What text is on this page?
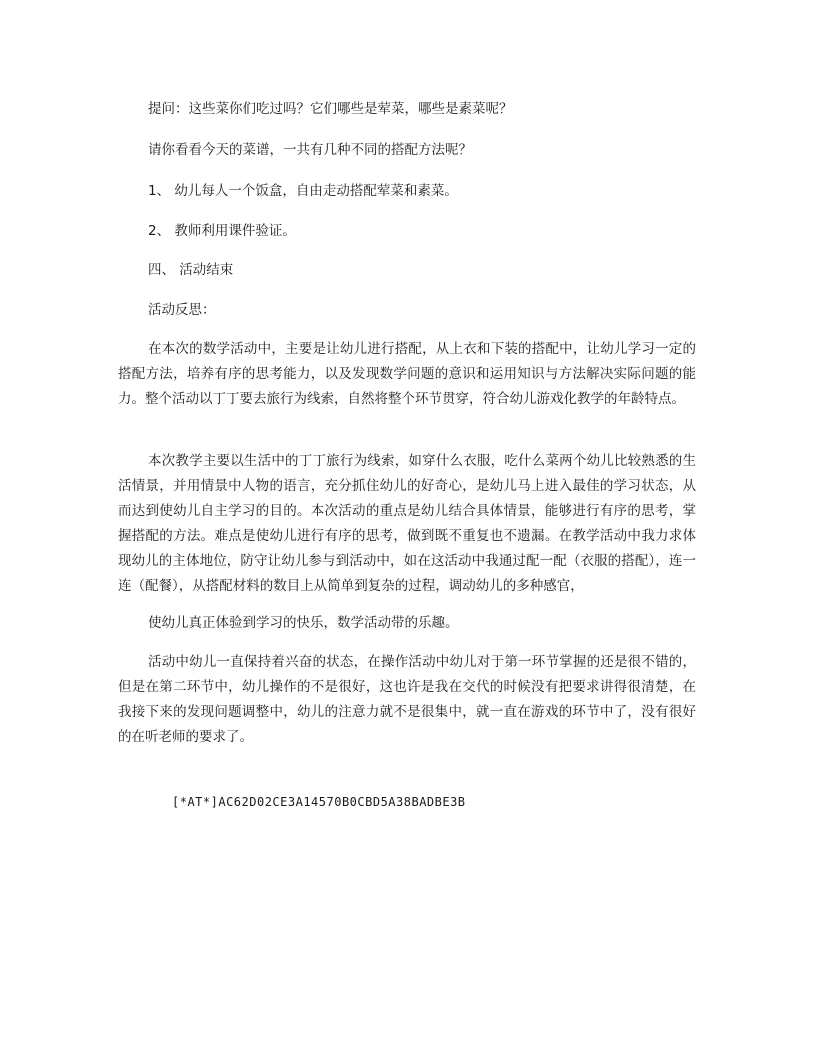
提问：这些菜你们吃过吗？它们哪些是荤菜，哪些是素菜呢？
请你看看今天的菜谱，一共有几种不同的搭配方法呢？
1、 幼儿每人一个饭盒，自由走动搭配荤菜和素菜。
2、 教师利用课件验证。
四、 活动结束
活动反思：
在本次的数学活动中，主要是让幼儿进行搭配，从上衣和下装的搭配中，让幼儿学习一定的搭配方法，培养有序的思考能力，以及发现数学问题的意识和运用知识与方法解决实际问题的能力。整个活动以丁丁要去旅行为线索，自然将整个环节贯穿，符合幼儿游戏化教学的年龄特点。
本次教学主要以生活中的丁丁旅行为线索，如穿什么衣服，吃什么菜两个幼儿比较熟悉的生活情景，并用情景中人物的语言，充分抓住幼儿的好奇心，是幼儿马上进入最佳的学习状态，从而达到使幼儿自主学习的目的。本次活动的重点是幼儿结合具体情景，能够进行有序的思考，掌握搭配的方法。难点是使幼儿进行有序的思考，做到既不重复也不遗漏。在教学活动中我力求体现幼儿的主体地位，防守让幼儿参与到活动中，如在这活动中我通过配一配（衣服的搭配），连一连（配餐），从搭配材料的数目上从简单到复杂的过程，调动幼儿的多种感官，
使幼儿真正体验到学习的快乐，数学活动带的乐趣。
活动中幼儿一直保持着兴奋的状态，在操作活动中幼儿对于第一环节掌握的还是很不错的，但是在第二环节中，幼儿操作的不是很好，这也许是我在交代的时候没有把要求讲得很清楚，在我接下来的发现问题调整中，幼儿的注意力就不是很集中，就一直在游戏的环节中了，没有很好的在听老师的要求了。
[*AT*]AC62D02CE3A14570B0CBD5A38BADBE3B
